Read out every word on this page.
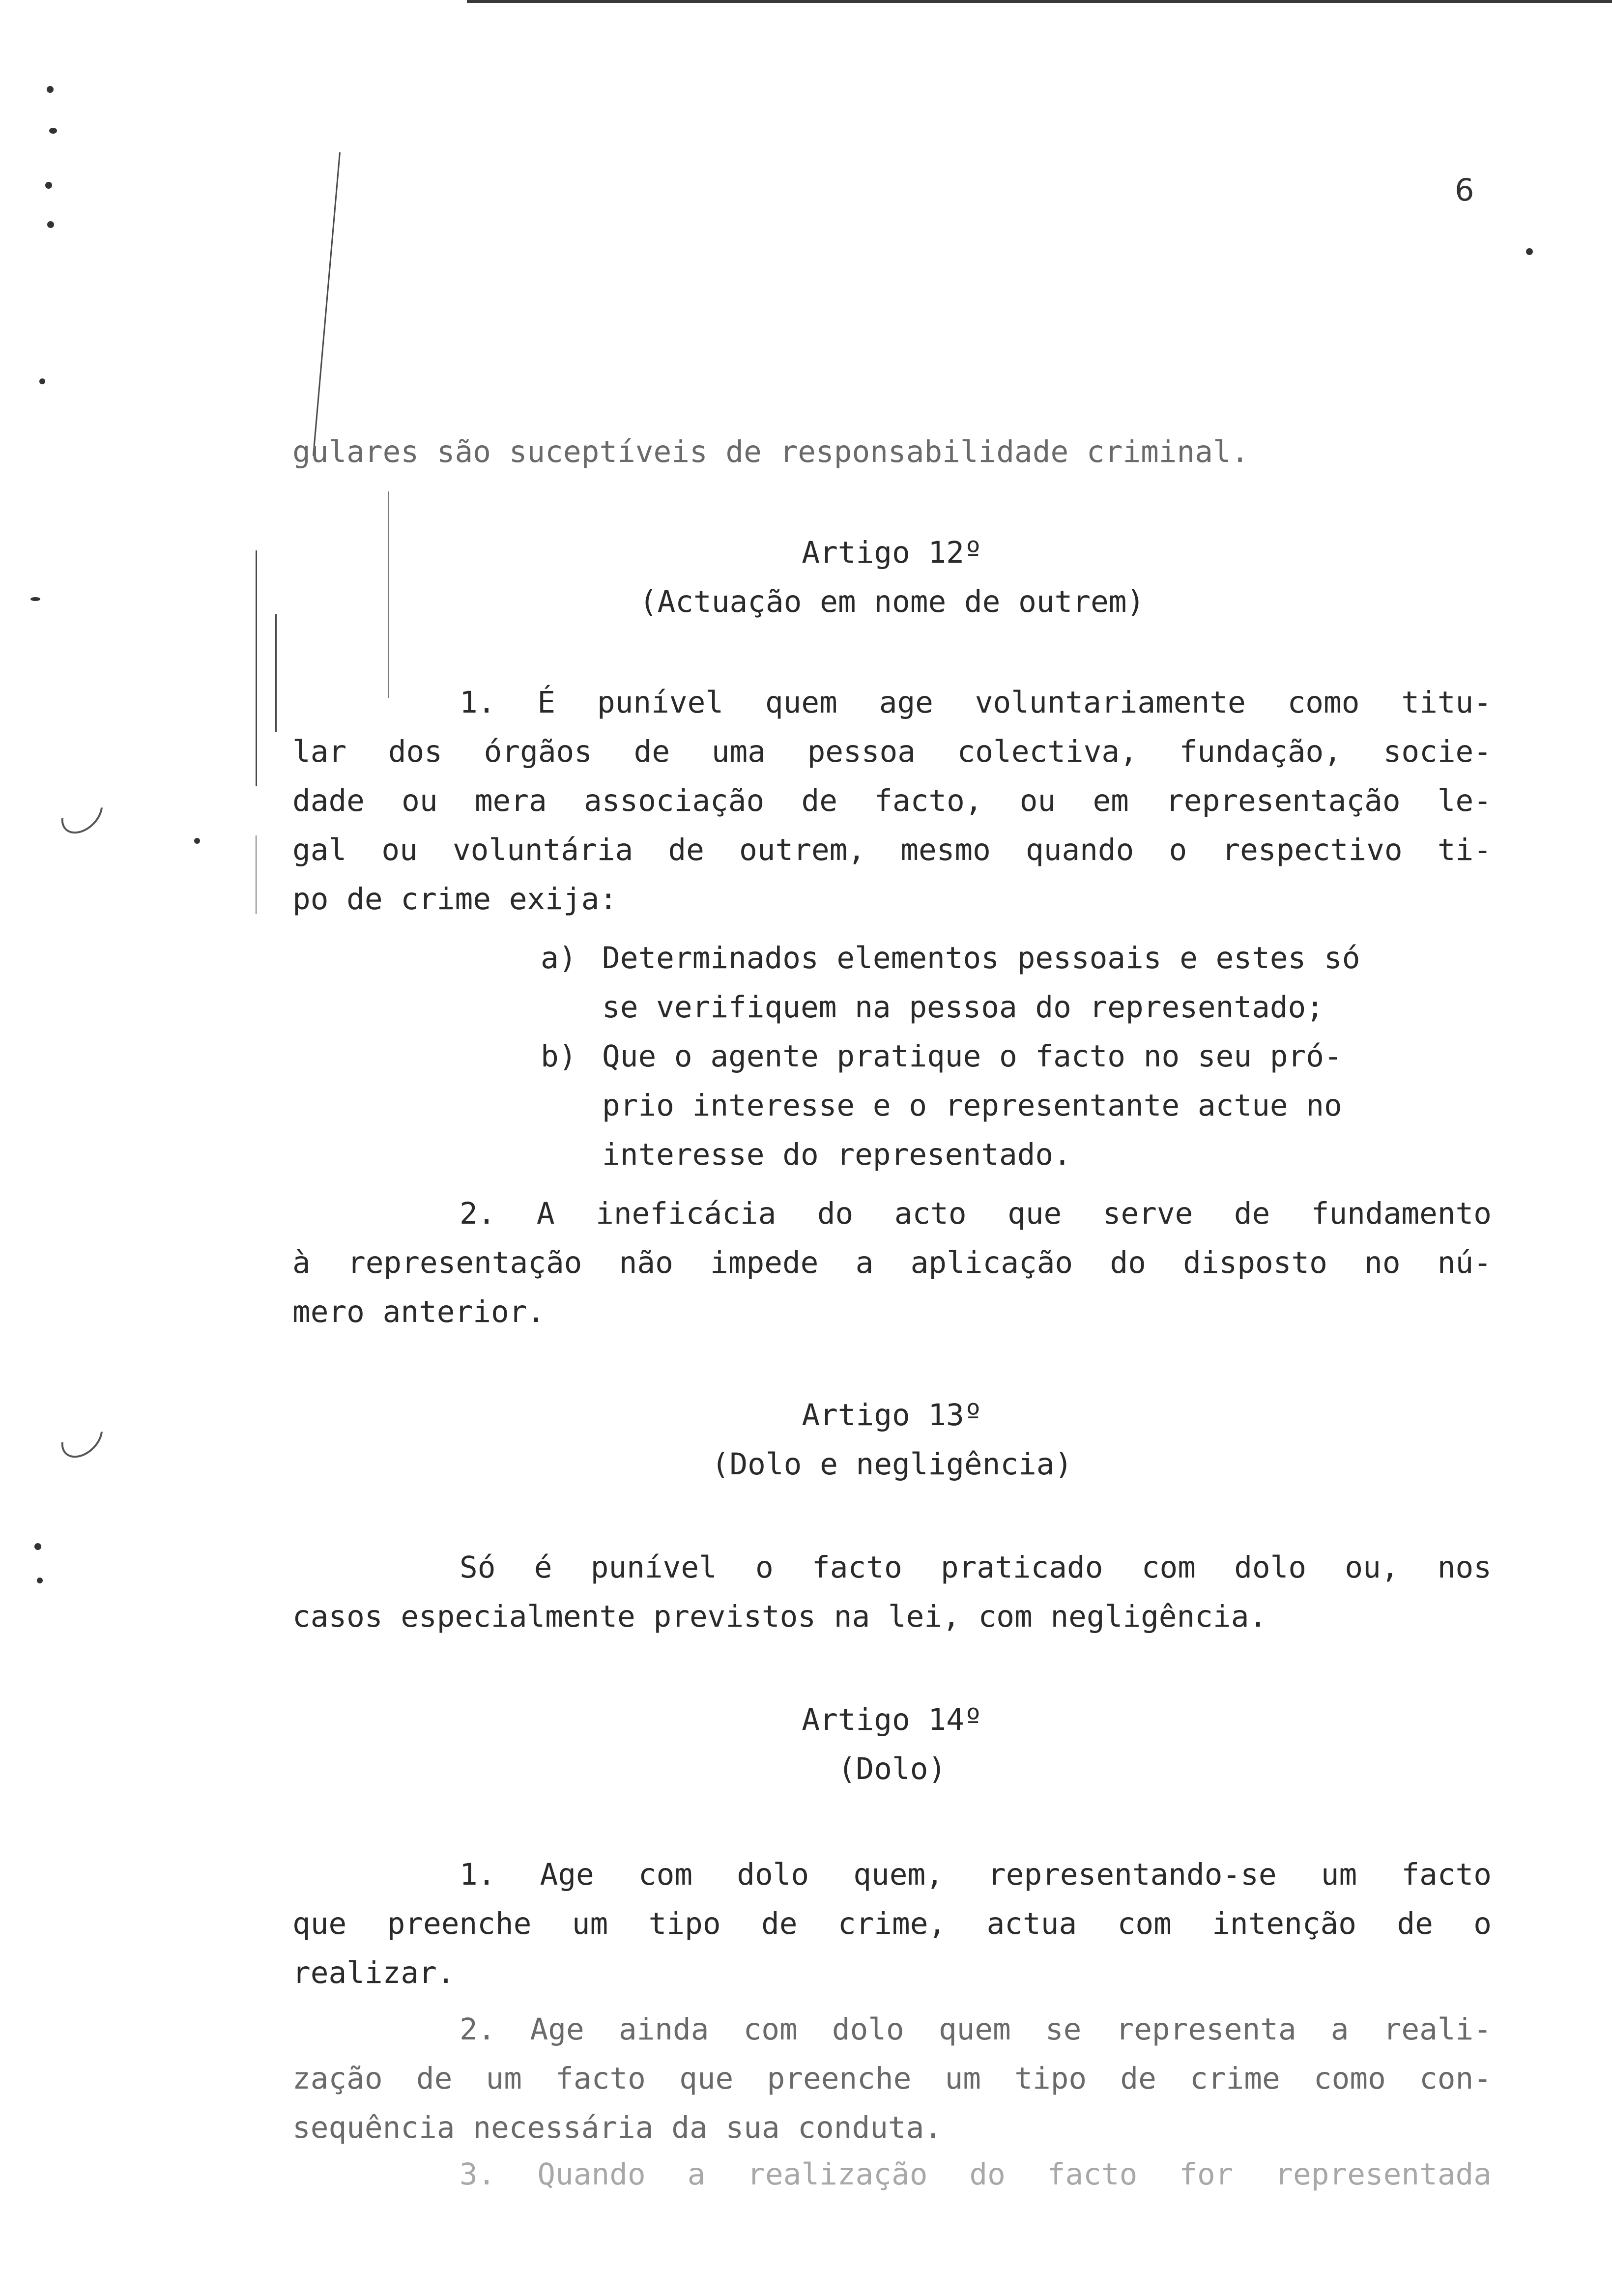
6
gulares são suceptíveis de responsabilidade criminal.
Artigo 12º
(Actuação em nome de outrem)
1. É punível quem age voluntariamente como titu-
lar dos órgãos de uma pessoa colectiva, fundação, socie-
dade ou mera associação de facto, ou em representação le-
gal ou voluntária de outrem, mesmo quando o respectivo ti-
po de crime exija:
a) Determinados elementos pessoais e estes só
se verifiquem na pessoa do representado;
b) Que o agente pratique o facto no seu pró-
prio interesse e o representante actue no
interesse do representado.
2. A ineficácia do acto que serve de fundamento
à representação não impede a aplicação do disposto no nú-
mero anterior.
Artigo 13º
(Dolo e negligência)
Só é punível o facto praticado com dolo ou, nos
casos especialmente previstos na lei, com negligência.
Artigo 14º
(Dolo)
1. Age com dolo quem, representando-se um facto
que preenche um tipo de crime, actua com intenção de o
realizar.
2. Age ainda com dolo quem se representa a reali-
zação de um facto que preenche um tipo de crime como con-
sequência necessária da sua conduta.
3. Quando a realização do facto for representada
